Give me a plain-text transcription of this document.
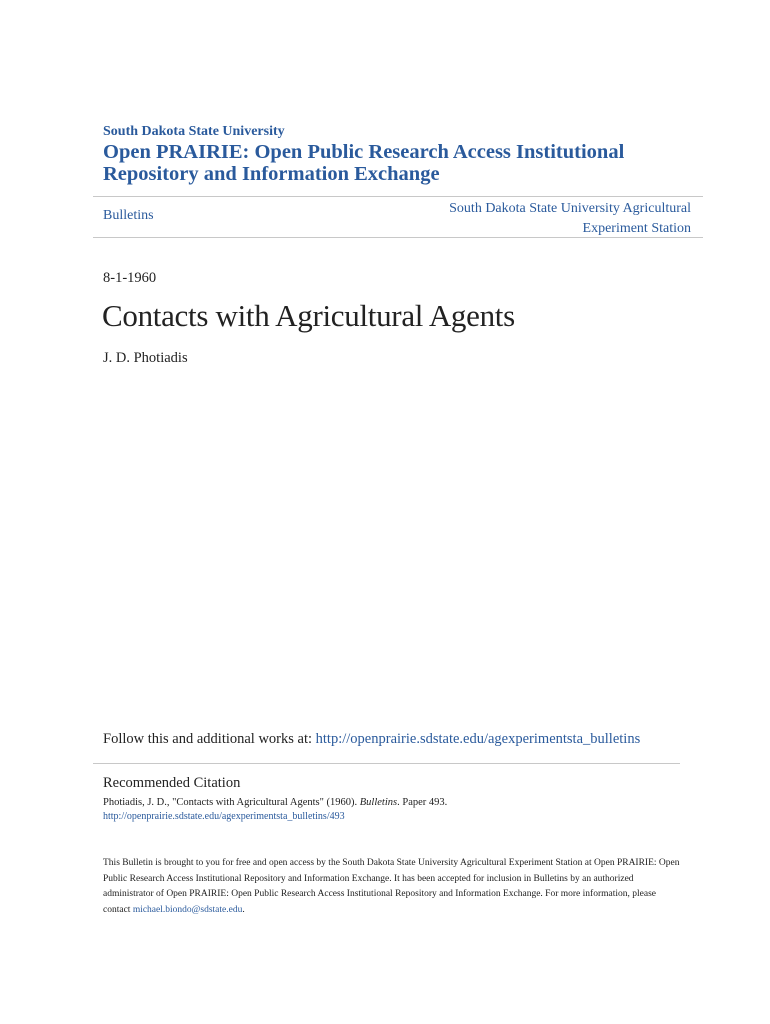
South Dakota State University
Open PRAIRIE: Open Public Research Access Institutional Repository and Information Exchange
Bulletins	South Dakota State University Agricultural
Experiment Station
8-1-1960
Contacts with Agricultural Agents
J. D. Photiadis
Follow this and additional works at: http://openprairie.sdstate.edu/agexperimentsta_bulletins
Recommended Citation
Photiadis, J. D., "Contacts with Agricultural Agents" (1960). Bulletins. Paper 493.
http://openprairie.sdstate.edu/agexperimentsta_bulletins/493
This Bulletin is brought to you for free and open access by the South Dakota State University Agricultural Experiment Station at Open PRAIRIE: Open
Public Research Access Institutional Repository and Information Exchange. It has been accepted for inclusion in Bulletins by an authorized
administrator of Open PRAIRIE: Open Public Research Access Institutional Repository and Information Exchange. For more information, please
contact michael.biondo@sdstate.edu.
